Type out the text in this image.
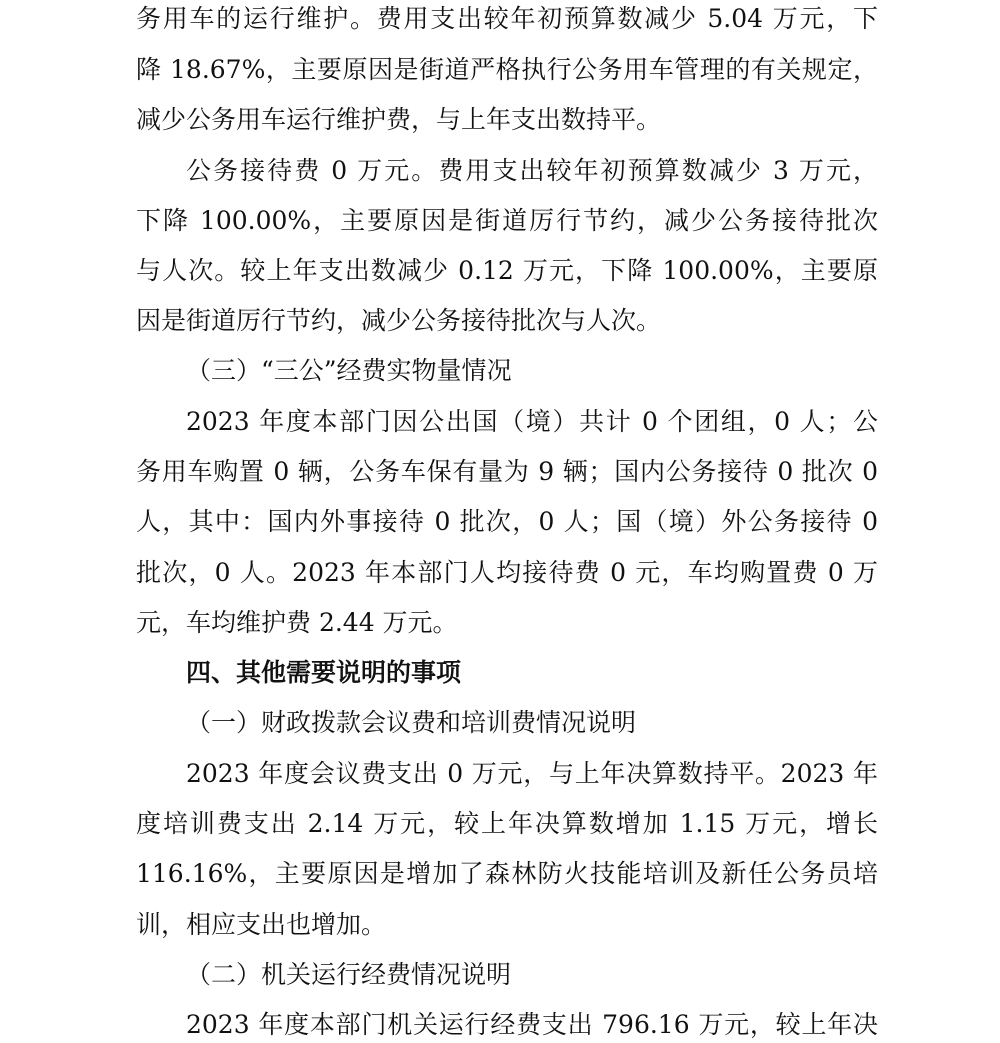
务用车的运行维护。费用支出较年初预算数减少 5.04 万元，下
降 18.67%，主要原因是街道严格执行公务用车管理的有关规定，
减少公务用车运行维护费，与上年支出数持平。
公务接待费 0 万元。费用支出较年初预算数减少 3 万元，
下降 100.00%，主要原因是街道厉行节约，减少公务接待批次
与人次。较上年支出数减少 0.12 万元，下降 100.00%，主要原
因是街道厉行节约，减少公务接待批次与人次。
（三）“三公”经费实物量情况
2023 年度本部门因公出国（境）共计 0 个团组，0 人；公
务用车购置 0 辆，公务车保有量为 9 辆；国内公务接待 0 批次 0
人，其中：国内外事接待 0 批次，0 人；国（境）外公务接待 0
批次，0 人。2023 年本部门人均接待费 0 元，车均购置费 0 万
元，车均维护费 2.44 万元。
四、其他需要说明的事项
（一）财政拨款会议费和培训费情况说明
2023 年度会议费支出 0 万元，与上年决算数持平。2023 年
度培训费支出 2.14 万元，较上年决算数增加 1.15 万元，增长
116.16%，主要原因是增加了森林防火技能培训及新任公务员培
训，相应支出也增加。
（二）机关运行经费情况说明
2023 年度本部门机关运行经费支出 796.16 万元，较上年决
